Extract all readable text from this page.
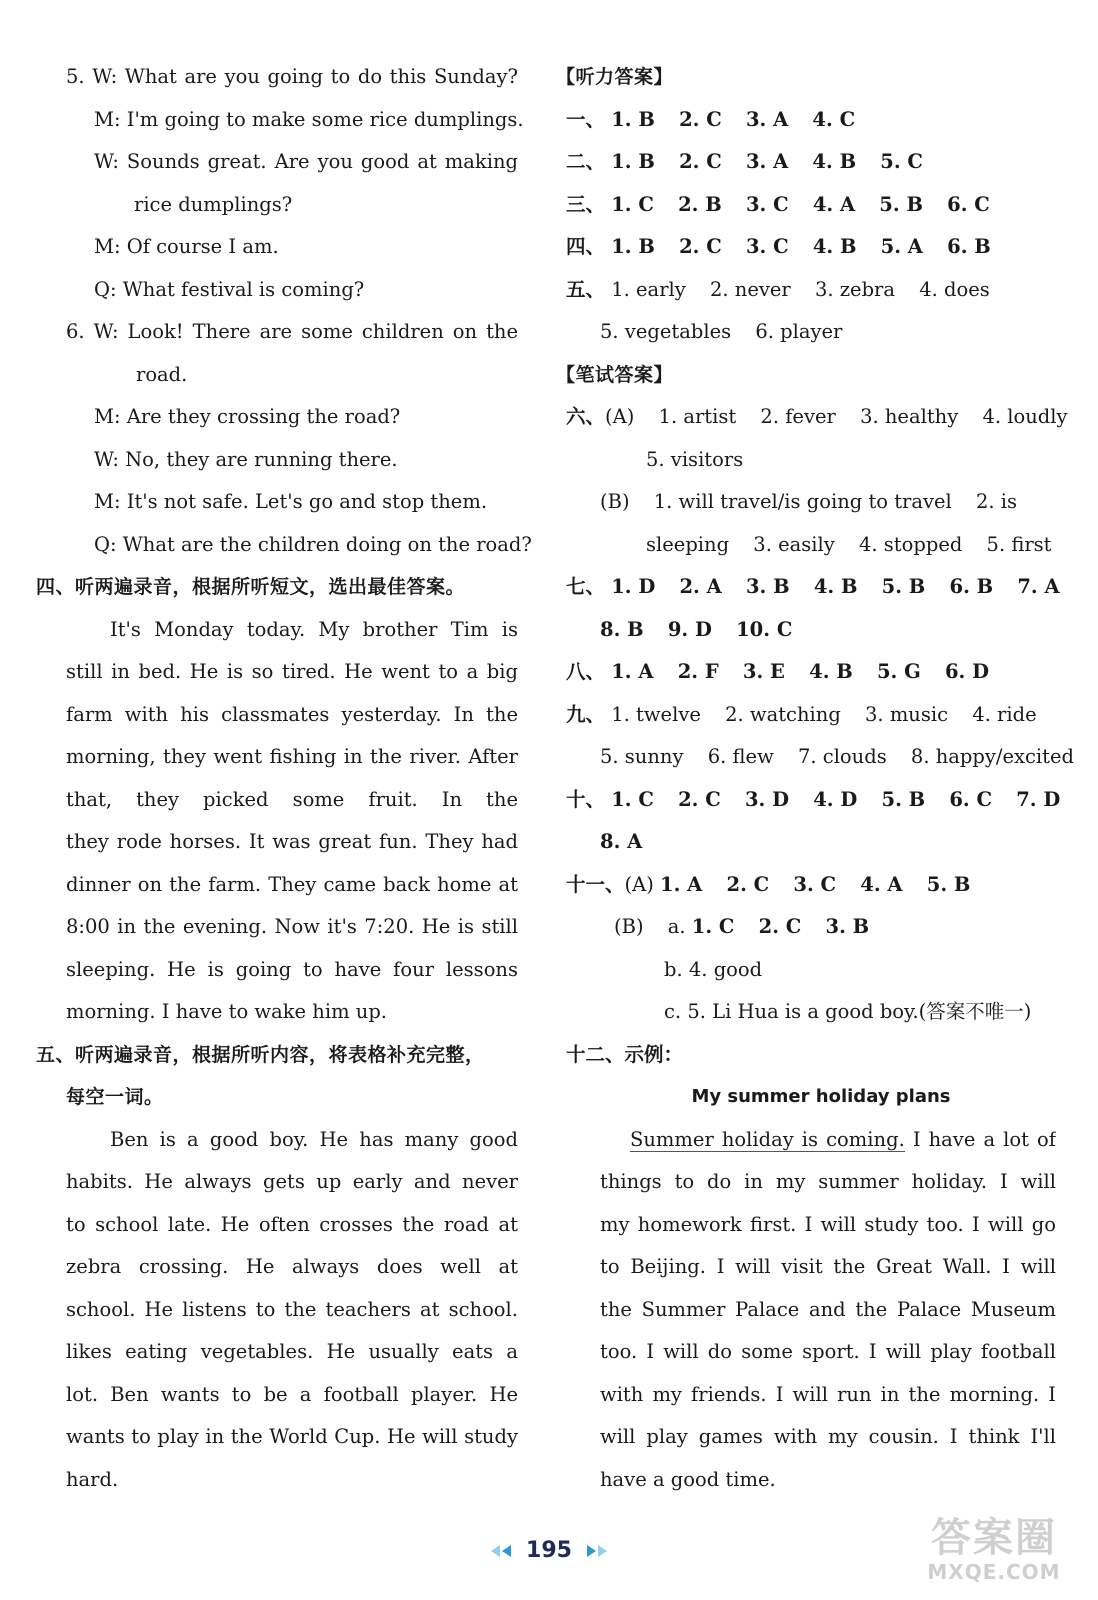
5. W: What are you going to do this Sunday?
M: I'm going to make some rice dumplings.
W: Sounds great. Are you good at making
rice dumplings?
M: Of course I am.
Q: What festival is coming?
6. W: Look! There are some children on the
road.
M: Are they crossing the road?
W: No, they are running there.
M: It's not safe. Let's go and stop them.
Q: What are the children doing on the road?
四、听两遍录音，根据所听短文，选出最佳答案。
It's Monday today. My brother Tim is
still in bed. He is so tired. He went to a big
farm with his classmates yesterday. In the
morning, they went fishing in the river. After
that, they picked some fruit. In the
they rode horses. It was great fun. They had
dinner on the farm. They came back home at
8:00 in the evening. Now it's 7:20. He is still
sleeping. He is going to have four lessons
morning. I have to wake him up.
五、听两遍录音，根据所听内容，将表格补充完整，
每空一词。
Ben is a good boy. He has many good
habits. He always gets up early and never
to school late. He often crosses the road at
zebra crossing. He always does well at
school. He listens to the teachers at school.
likes eating vegetables. He usually eats a
lot. Ben wants to be a football player. He
wants to play in the World Cup. He will study
hard.
【听力答案】
一、 1. B 2. C 3. A 4. C
二、 1. B 2. C 3. A 4. B 5. C
三、 1. C 2. B 3. C 4. A 5. B 6. C
四、 1. B 2. C 3. C 4. B 5. A 6. B
五、 1. early 2. never 3. zebra 4. does
5. vegetables 6. player
【笔试答案】
六、(A) 1. artist 2. fever 3. healthy 4. loudly
5. visitors
(B) 1. will travel/is going to travel 2. is
sleeping 3. easily 4. stopped 5. first
七、 1. D 2. A 3. B 4. B 5. B 6. B 7. A
8. B 9. D 10. C
八、 1. A 2. F 3. E 4. B 5. G 6. D
九、 1. twelve 2. watching 3. music 4. ride
5. sunny 6. flew 7. clouds 8. happy/excited
十、 1. C 2. C 3. D 4. D 5. B 6. C 7. D
8. A
十一、(A) 1. A 2. C 3. C 4. A 5. B
(B) a. 1. C 2. C 3. B
b. 4. good
c. 5. Li Hua is a good boy.(答案不唯一)
十二、示例：
My summer holiday plans
Summer holiday is coming. I have a lot of
things to do in my summer holiday. I will
my homework first. I will study too. I will go
to Beijing. I will visit the Great Wall. I will
the Summer Palace and the Palace Museum
too. I will do some sport. I will play football
with my friends. I will run in the morning. I
will play games with my cousin. I think I'll
have a good time.
195	答案圈
MXQE.COM
